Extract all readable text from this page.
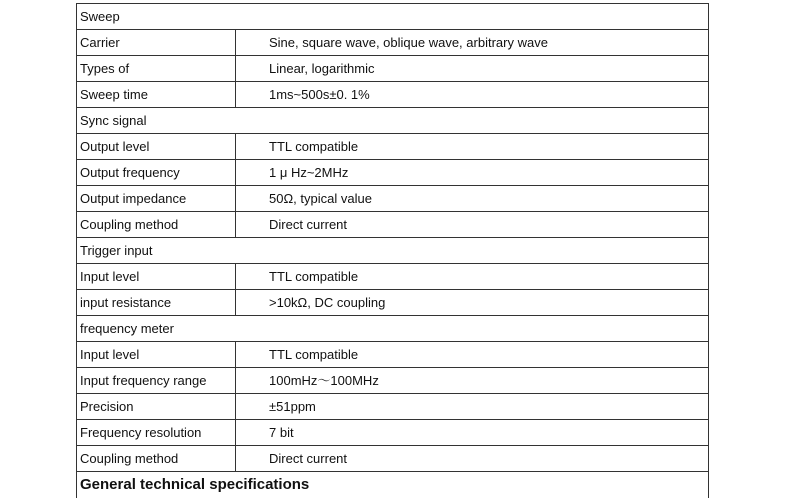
Sweep	
Carrier	Sine, square wave, oblique wave, arbitrary wave
Types of	Linear, logarithmic
Sweep time	1ms~500s±0. 1%
Sync signal	
Output level	TTL compatible
Output frequency	1 μ Hz~2MHz
Output impedance	50Ω, typical value
Coupling method	Direct current
Trigger input	
Input level	TTL compatible
input resistance	>10kΩ, DC coupling
frequency meter	
Input level	TTL compatible
Input frequency range	100mHz～100MHz
Precision	±51ppm
Frequency resolution	7 bit
Coupling method	Direct current
General technical specifications	
